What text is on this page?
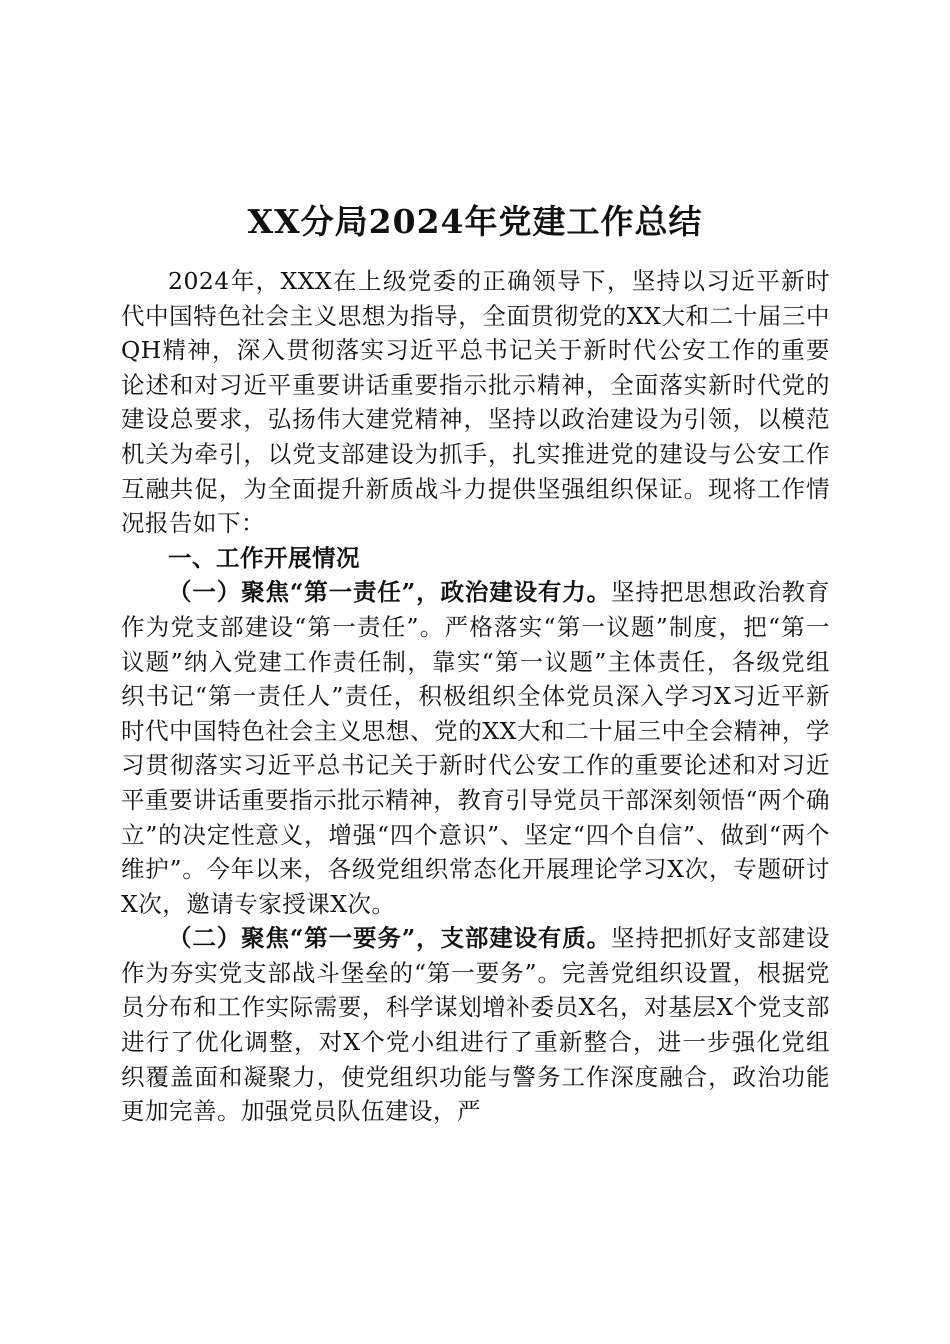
XX分局2024年党建工作总结

2024年，XXX在上级党委的正确领导下，坚持以习近平新时代中国特色社会主义思想为指导，全面贯彻党的XX大和二十届三中QH精神，深入贯彻落实习近平总书记关于新时代公安工作的重要论述和对习近平重要讲话重要指示批示精神，全面落实新时代党的建设总要求，弘扬伟大建党精神，坚持以政治建设为引领，以模范机关为牵引，以党支部建设为抓手，扎实推进党的建设与公安工作互融共促，为全面提升新质战斗力提供坚强组织保证。现将工作情况报告如下：

一、工作开展情况

（一）聚焦“第一责任”，政治建设有力。坚持把思想政治教育作为党支部建设“第一责任”。严格落实“第一议题”制度，把“第一议题”纳入党建工作责任制，靠实“第一议题”主体责任，各级党组织书记“第一责任人”责任，积极组织全体党员深入学习X习近平新时代中国特色社会主义思想、党的XX大和二十届三中全会精神，学习贯彻落实习近平总书记关于新时代公安工作的重要论述和对习近平重要讲话重要指示批示精神，教育引导党员干部深刻领悟“两个确立”的决定性意义，增强“四个意识”、坚定“四个自信”、做到“两个维护”。今年以来，各级党组织常态化开展理论学习X次，专题研讨X次，邀请专家授课X次。

（二）聚焦“第一要务”，支部建设有质。坚持把抓好支部建设作为夯实党支部战斗堡垒的“第一要务”。完善党组织设置，根据党员分布和工作实际需要，科学谋划增补委员X名，对基层X个党支部进行了优化调整，对X个党小组进行了重新整合，进一步强化党组织覆盖面和凝聚力，使党组织功能与警务工作深度融合，政治功能更加完善。加强党员队伍建设，严
